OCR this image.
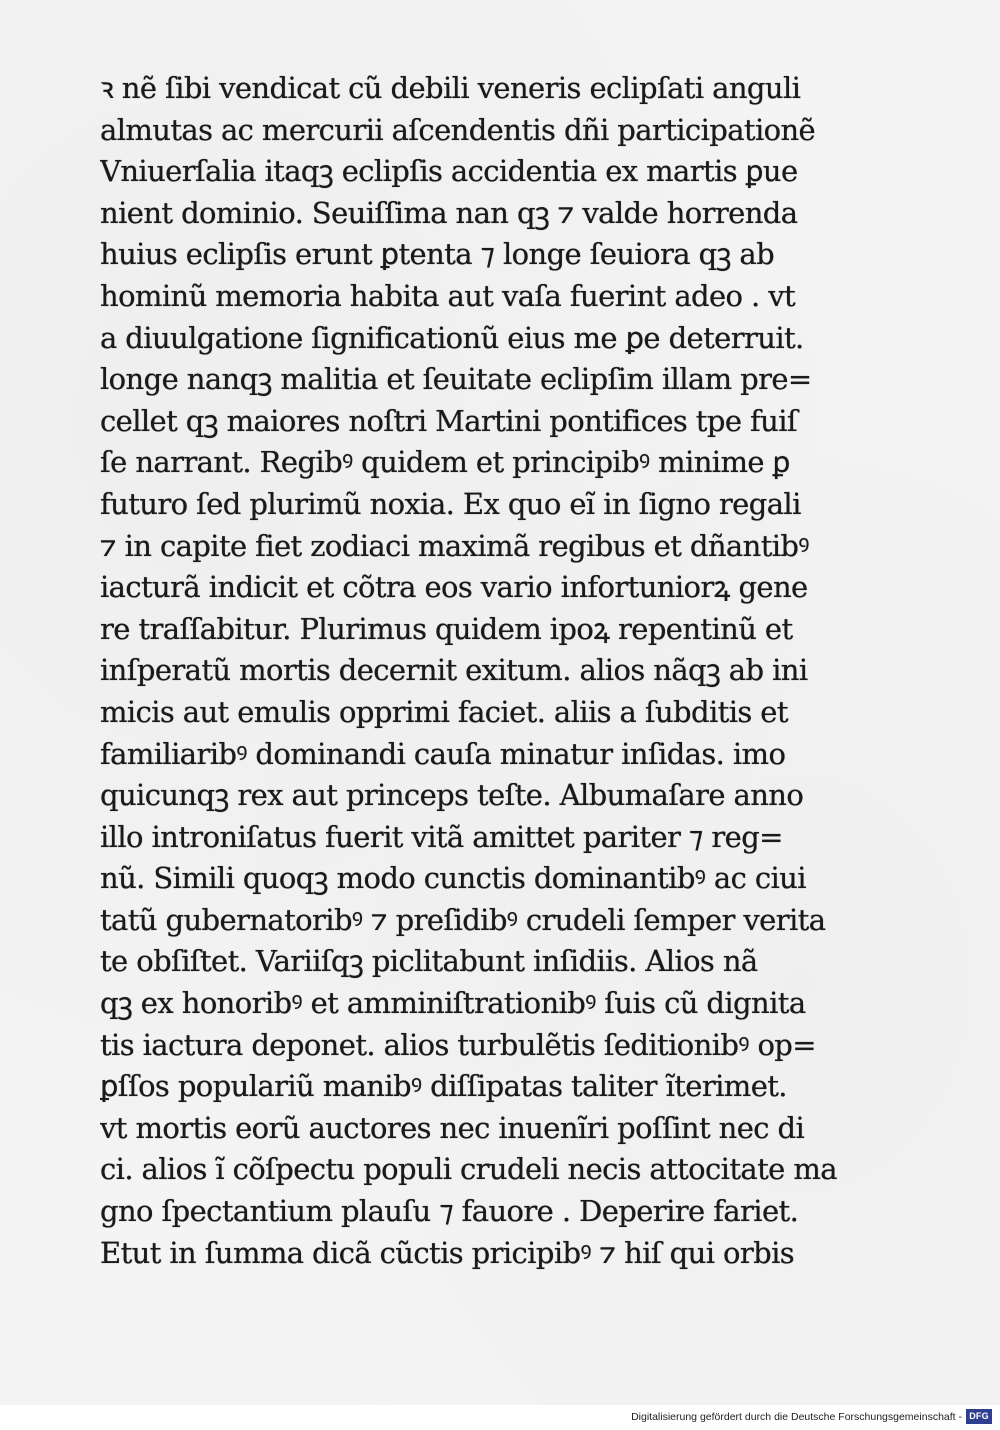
ꝛ nẽ ſibi vendicat cũ debili veneris eclipſati anguli
almutas ac mercurii aſcendentis dñi participationẽ
Vniuerſalia itaqꝫ eclipſis accidentia ex martis ꝑue
nient dominio. Seuiſſima nan qꝫ ⁊ valde horrenda
huius eclipſis erunt ꝑtenta ⁊ longe ſeuiora qꝫ ab
hominũ memoria habita aut vaſa fuerint adeo . vt
a diuulgatione ſignificationũ eius me ꝑe deterruit.
longe nanqꝫ malitia et ſeuitate eclipſim illam pre=
cellet qꝫ maiores noſtri Martini pontifices tpe fuiſ
ſe narrant. Regibꝰ quidem et principibꝰ minime ꝑ
futuro ſed plurimũ noxia. Ex quo eĩ in ſigno regali
⁊ in capite fiet zodiaci maximã regibus et dñantibꝰ
iacturã indicit et cõtra eos vario infortuniorꝝ gene
re traſſabitur. Plurimus quidem ipoꝝ repentinũ et
inſperatũ mortis decernit exitum. alios nãqꝫ ab ini
micis aut emulis opprimi faciet. aliis a ſubditis et
familiaribꝰ dominandi cauſa minatur inſidas. imo
quicunqꝫ rex aut princeps teſte. Albumaſare anno
illo introniſatus fuerit vitã amittet pariter ⁊ reg=
nũ. Simili quoqꝫ modo cunctis dominantibꝰ ac ciui
tatũ gubernatoribꝰ ⁊ preſidibꝰ crudeli ſemper verita
te obſiſtet. Variiſqꝫ piclitabunt inſidiis. Alios nã
qꝫ ex honoribꝰ et amminiſtrationibꝰ ſuis cũ dignita
tis iactura deponet. alios turbulẽtis ſeditionibꝰ op=
ꝑſſos populariũ manibꝰ diſſipatas taliter ĩterimet.
vt mortis eorũ auctores nec inuenĩri poſſint nec di
ci. alios ĩ cõſpectu populi crudeli necis attocitate ma
gno ſpectantium plauſu ⁊ fauore . Deperire fariet.
Etut in ſumma dicã cũctis pricipibꝰ ⁊ hiſ qui orbis
Digitalisierung gefördert durch die Deutsche Forschungsgemeinschaft - DFG
